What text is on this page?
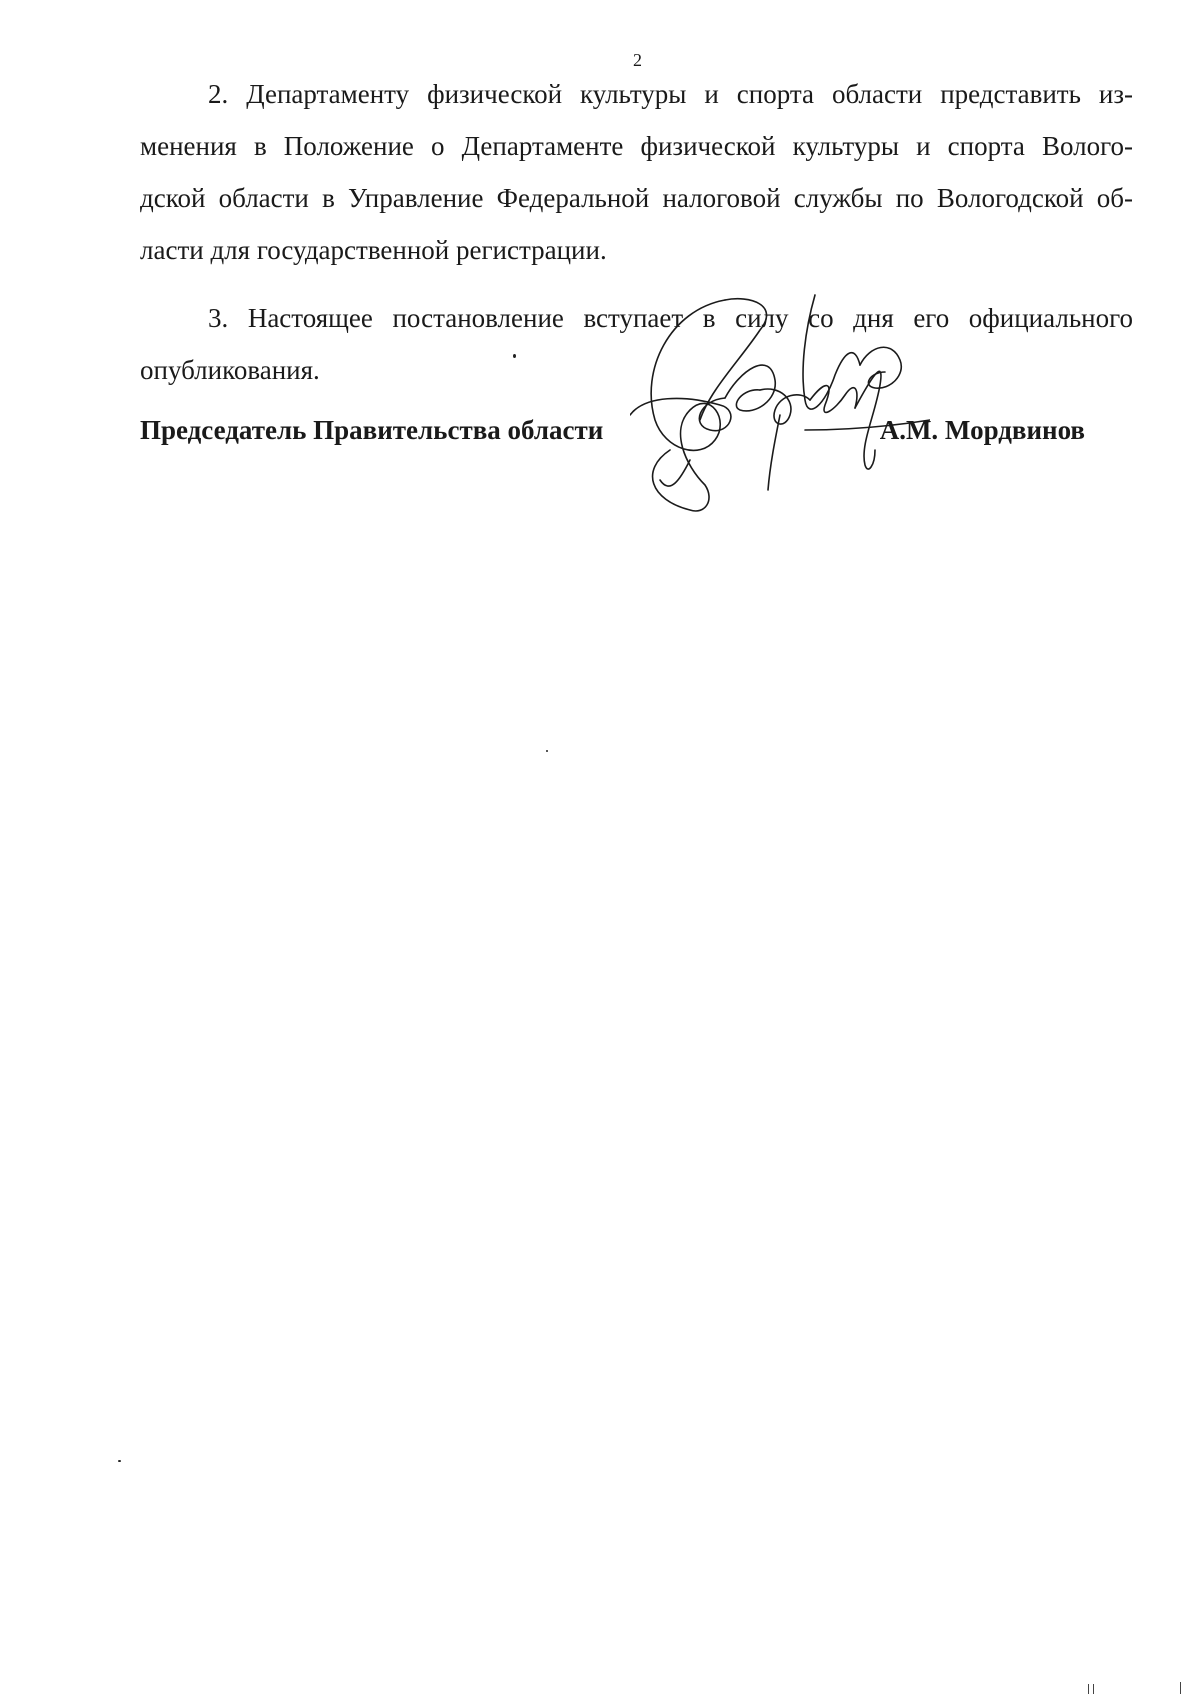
2
2. Департаменту физической культуры и спорта области представить из-
менения в Положение о Департаменте физической культуры и спорта Волого-
дской области в Управление Федеральной налоговой службы по Вологодской об-
ласти для государственной регистрации.
3. Настоящее постановление вступает в силу со дня его официального
опубликования.
Председатель Правительства области	А.М. Мордвинов
